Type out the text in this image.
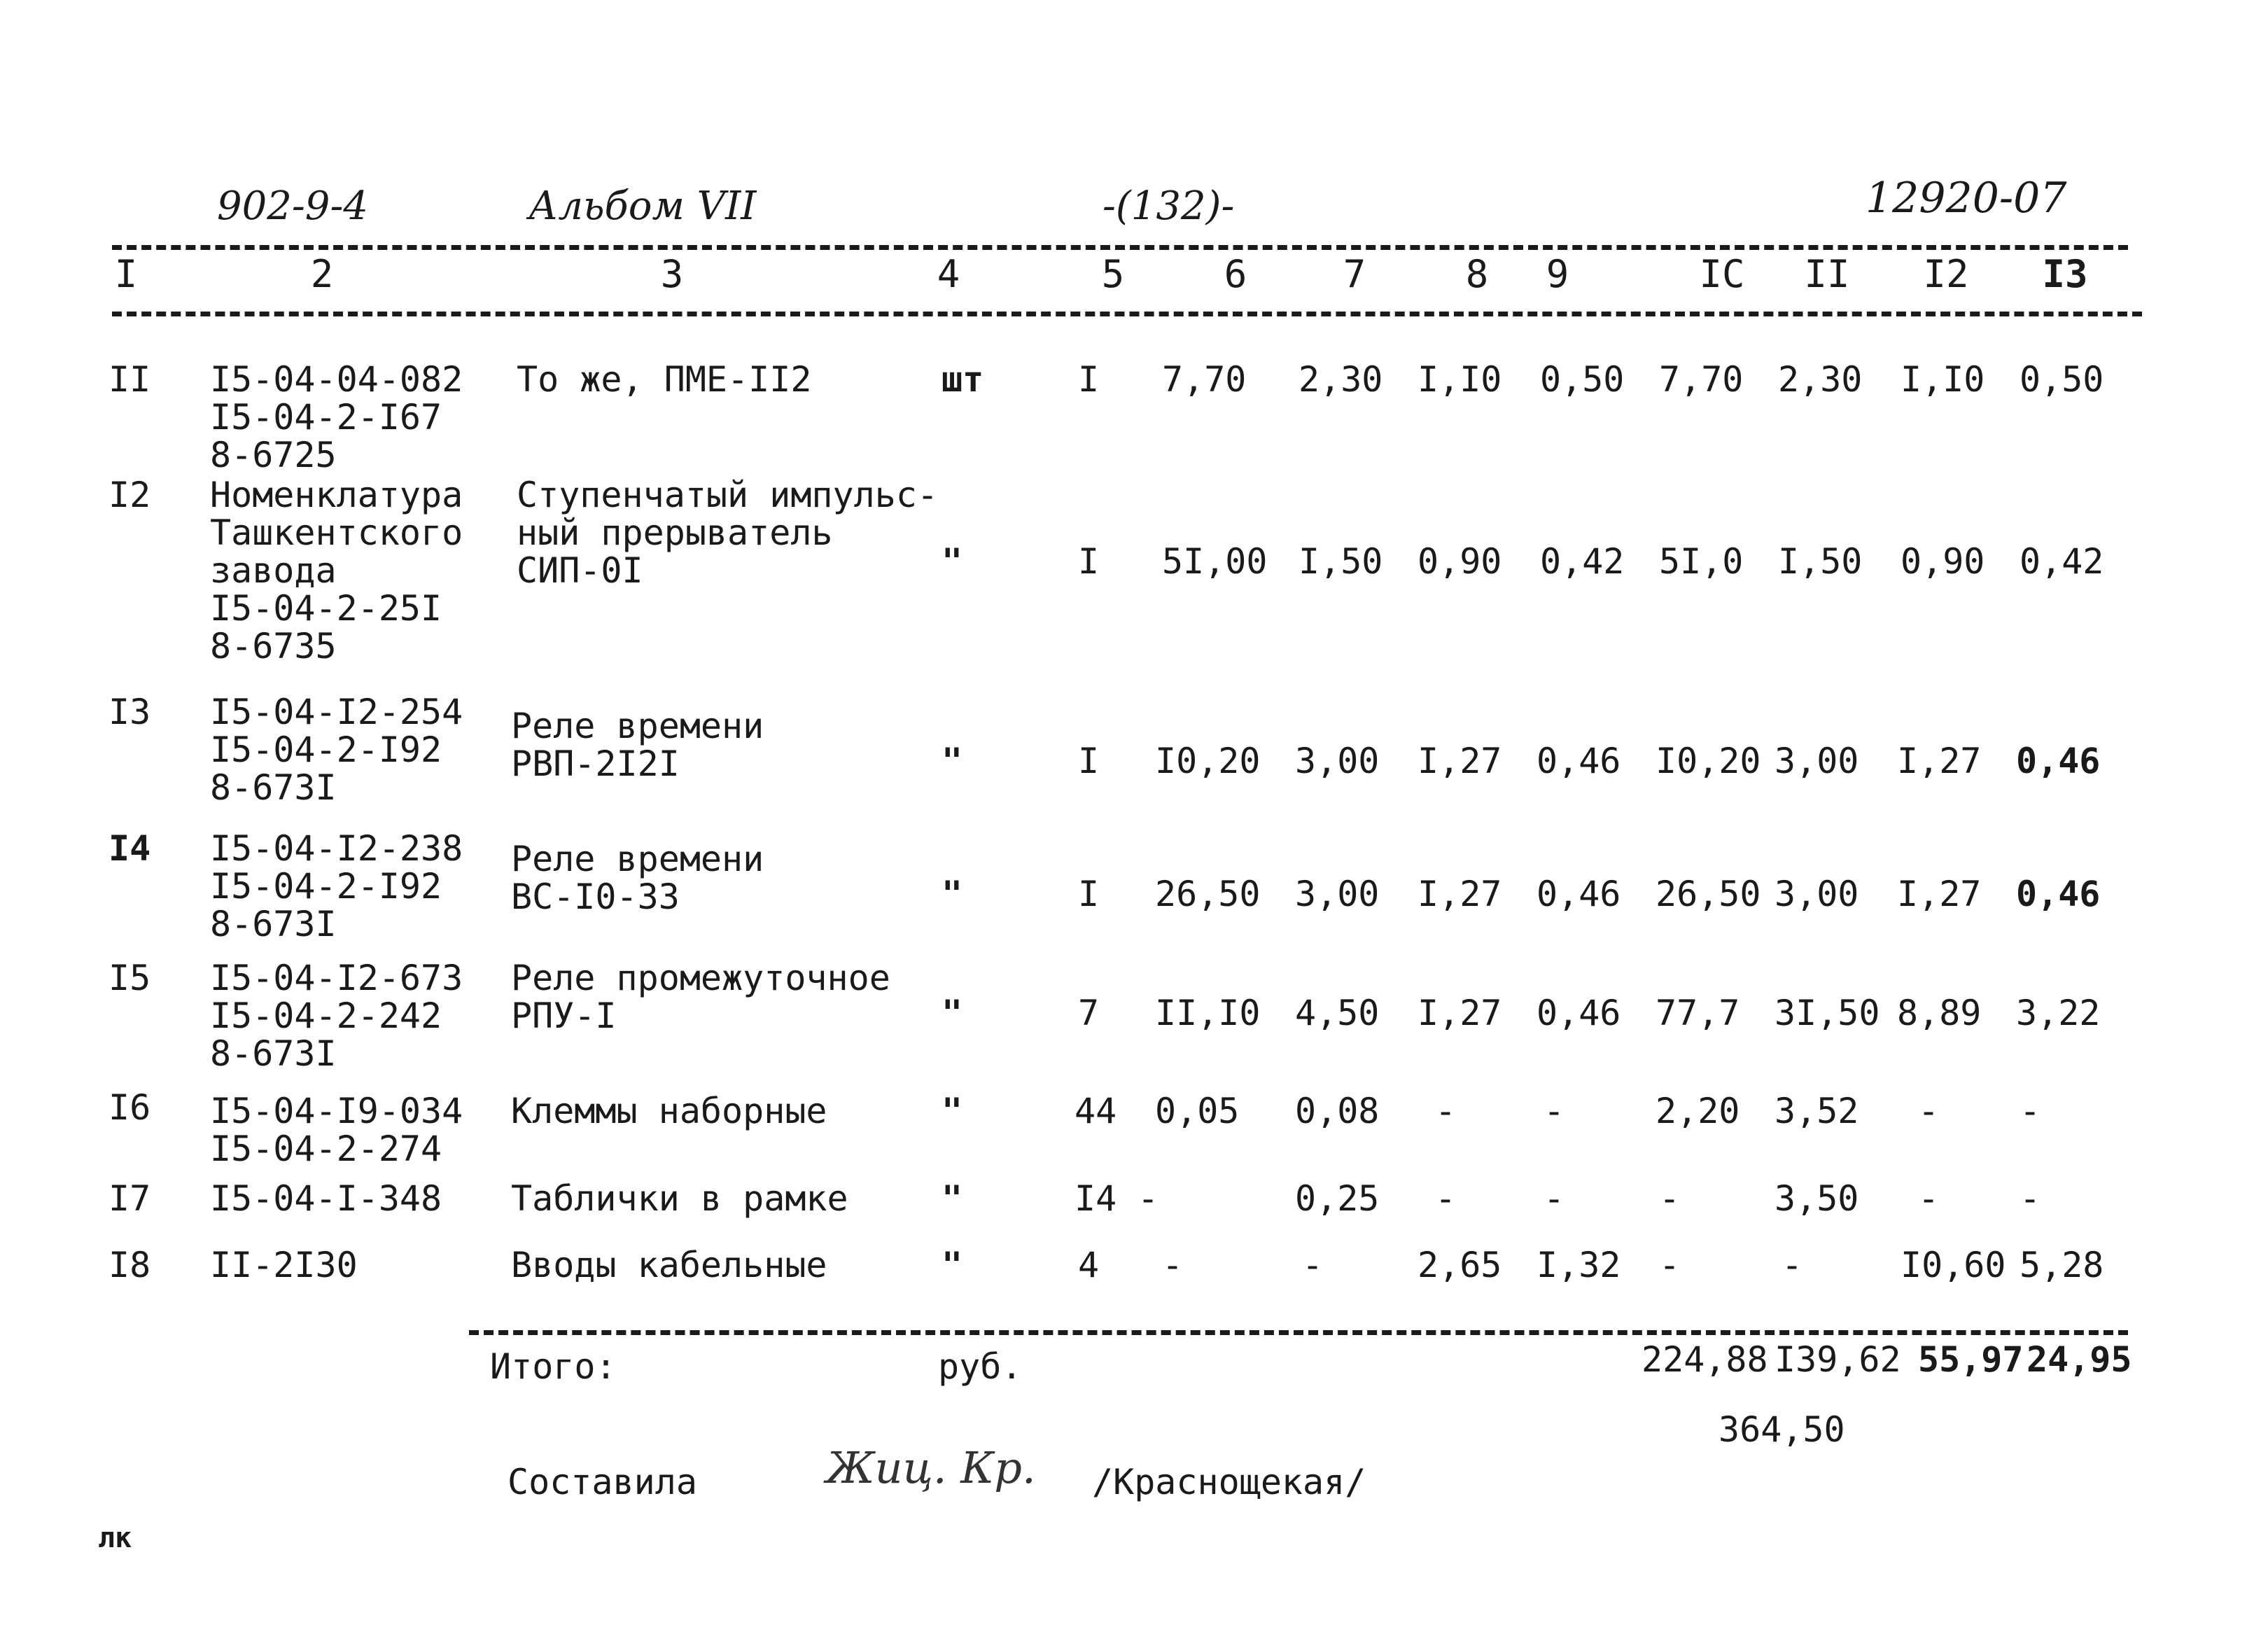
902-9-4	Альбом VII	-(132)-	12920-07
I	2	3	4	5	6	7	8 9	IC II I2 I3
II I5-04-04-082
I5-04-2-I67
8-6725
То же, ПМЕ-II2	шт	I 7,70 2,30 I,I0 0,50 7,70 2,30 I,I0 0,50
I2 Номенклатура
Ташкентского
завода
I5-04-2-25I
8-6735
Ступенчатый импульс-
ный прерыватель
СИП-0I	"	I 5I,00 I,50 0,90 0,42 5I,0 I,50 0,90 0,42
I3 I5-04-I2-254
I5-04-2-I92
8-673I
Реле времени
РВП-2I2I	"	I I0,20 3,00 I,27 0,46 I0,20 3,00 I,27 0,46
I4 I5-04-I2-238
I5-04-2-I92
8-673I
Реле времени
ВС-I0-33	"	I 26,50 3,00 I,27 0,46 26,50 3,00 I,27 0,46
I5 I5-04-I2-673
I5-04-2-242
8-673I
Реле промежуточное
РПУ-I	"	7 II,I0 4,50 I,27 0,46 77,7 3I,50 8,89 3,22
I6 I5-04-I9-034
I5-04-2-274
Клеммы наборные	"	44 0,05 0,08 - -	2,20 3,52 - -
I7 I5-04-I-348 Таблички в рамке	"	I4 -	0,25 - -	-	3,50 - -
I8 II-2I30	Вводы кабельные	"	4 -	-	2,65 I,32 -	-	I0,60 5,28
Итого:	руб.	224,88 I39,62 55,97 24,95
364,50
Составила	Жиц. Кр. /Краснощекая/
лк
